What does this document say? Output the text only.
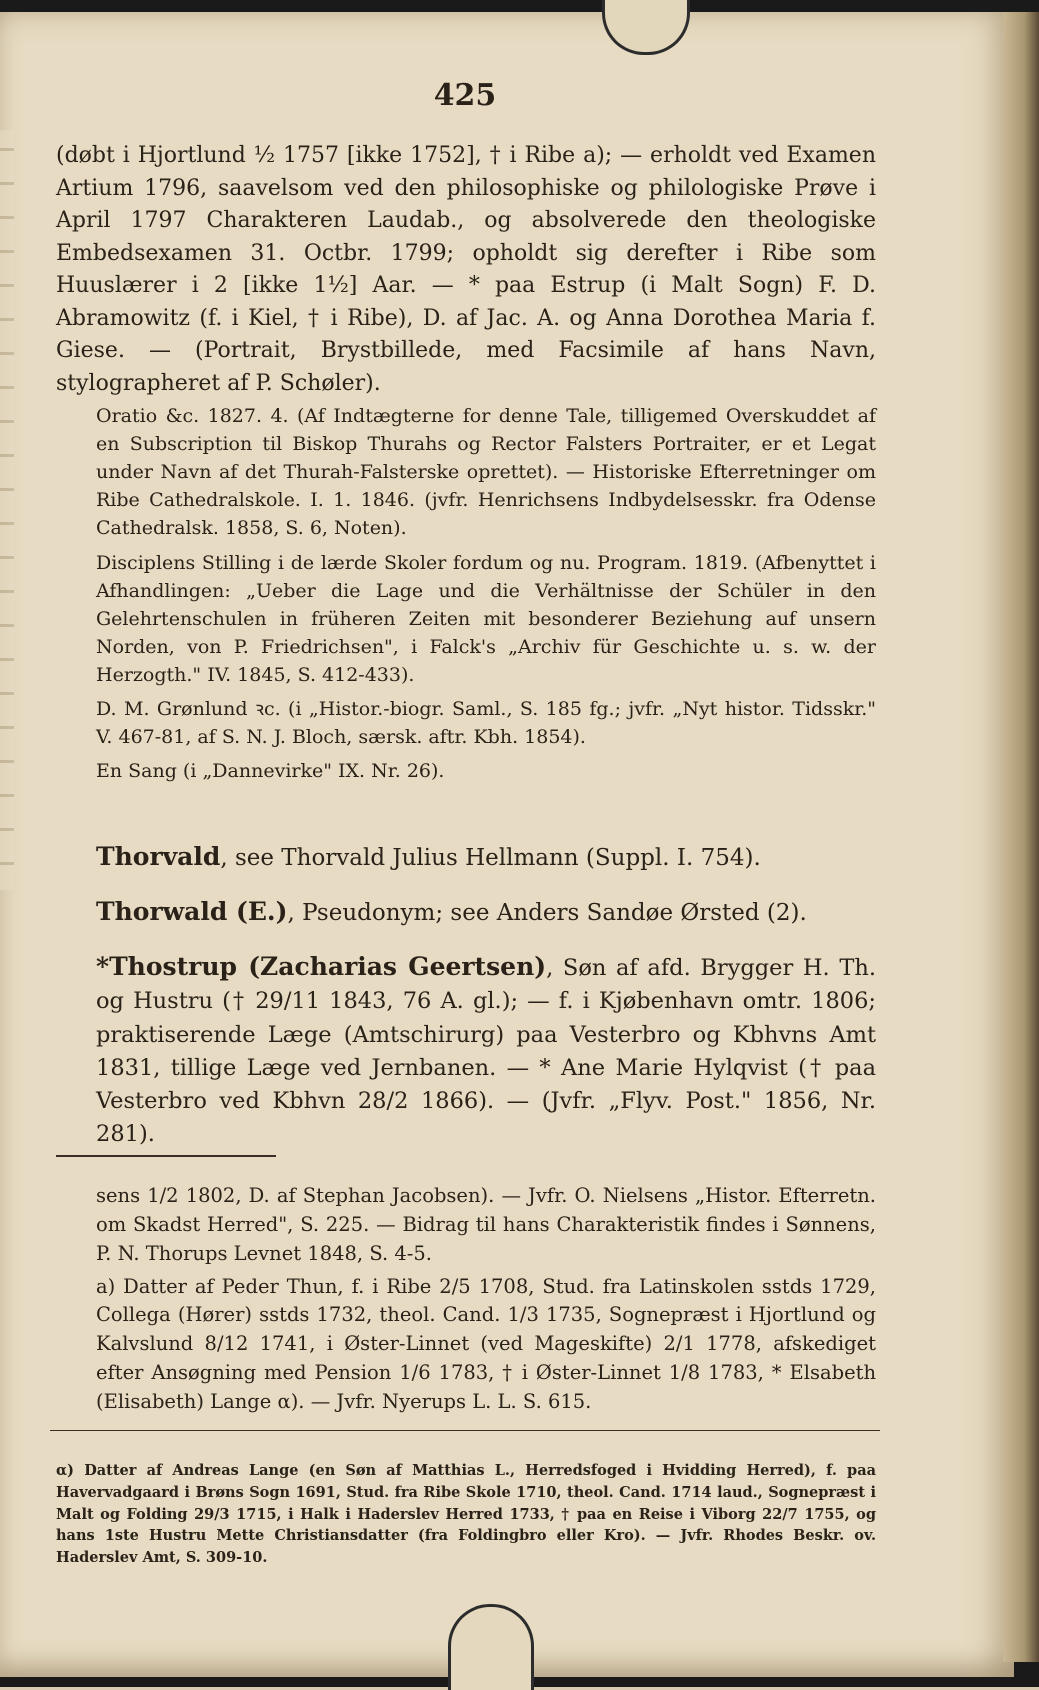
425

(døbt i Hjortlund ½ 1757 [ikke 1752], † i Ribe a); — erholdt ved Examen Artium 1796, saavelsom ved den philosophiske og philologiske Prøve i April 1797 Charakteren Laudab., og absolverede den theologiske Embedsexamen 31. Octbr. 1799; opholdt sig derefter i Ribe som Huuslærer i 2 [ikke 1½] Aar. — * paa Estrup (i Malt Sogn) F. D. Abramowitz (f. i Kiel, † i Ribe), D. af Jac. A. og Anna Dorothea Maria f. Giese. — (Portrait, Brystbillede, med Facsimile af hans Navn, stylographeret af P. Schøler).

Oratio &c. 1827. 4. (Af Indtægterne for denne Tale, tilligemed Overskuddet af en Subscription til Biskop Thurahs og Rector Falsters Portraiter, er et Legat under Navn af det Thurah-Falsterske oprettet). — Historiske Efterretninger om Ribe Cathedralskole. I. 1. 1846. (jvfr. Henrichsens Indbydelsesskr. fra Odense Cathedralsk. 1858, S. 6, Noten).

Disciplens Stilling i de lærde Skoler fordum og nu. Program. 1819. (Afbenyttet i Afhandlingen: „Ueber die Lage und die Verhältnisse der Schüler in den Gelehrtenschulen in früheren Zeiten mit besonderer Beziehung auf unsern Norden, von P. Friedrichsen", i Falck's „Archiv für Geschichte u. s. w. der Herzogth." IV. 1845, S. 412-433).

D. M. Grønlund ꝛc. (i „Histor.-biogr. Saml., S. 185 fg.; jvfr. „Nyt histor. Tidsskr." V. 467-81, af S. N. J. Bloch, særsk. aftr. Kbh. 1854).

En Sang (i „Dannevirke" IX. Nr. 26).

Thorvald, see Thorvald Julius Hellmann (Suppl. I. 754).

Thorwald (E.), Pseudonym; see Anders Sandøe Ørsted (2).

*Thostrup (Zacharias Geertsen), Søn af afd. Brygger H. Th. og Hustru († 29/11 1843, 76 A. gl.); — f. i Kjøbenhavn omtr. 1806; praktiserende Læge (Amtschirurg) paa Vesterbro og Kbhvns Amt 1831, tillige Læge ved Jernbanen. — * Ane Marie Hylqvist († paa Vesterbro ved Kbhvn 28/2 1866). — (Jvfr. „Flyv. Post." 1856, Nr. 281).

sens 1/2 1802, D. af Stephan Jacobsen). — Jvfr. O. Nielsens „Histor. Efterretn. om Skadst Herred", S. 225. — Bidrag til hans Charakteristik findes i Sønnens, P. N. Thorups Levnet 1848, S. 4-5.

a) Datter af Peder Thun, f. i Ribe 2/5 1708, Stud. fra Latinskolen sstds 1729, Collega (Hører) sstds 1732, theol. Cand. 1/3 1735, Sognepræst i Hjortlund og Kalvslund 8/12 1741, i Øster-Linnet (ved Mageskifte) 2/1 1778, afskediget efter Ansøgning med Pension 1/6 1783, † i Øster-Linnet 1/8 1783, * Elsabeth (Elisabeth) Lange α). — Jvfr. Nyerups L. L. S. 615.

α) Datter af Andreas Lange (en Søn af Matthias L., Herredsfoged i Hvidding Herred), f. paa Havervadgaard i Brøns Sogn 1691, Stud. fra Ribe Skole 1710, theol. Cand. 1714 laud., Sognepræst i Malt og Folding 29/3 1715, i Halk i Haderslev Herred 1733, † paa en Reise i Viborg 22/7 1755, og hans 1ste Hustru Mette Christiansdatter (fra Foldingbro eller Kro). — Jvfr. Rhodes Beskr. ov. Haderslev Amt, S. 309-10.
